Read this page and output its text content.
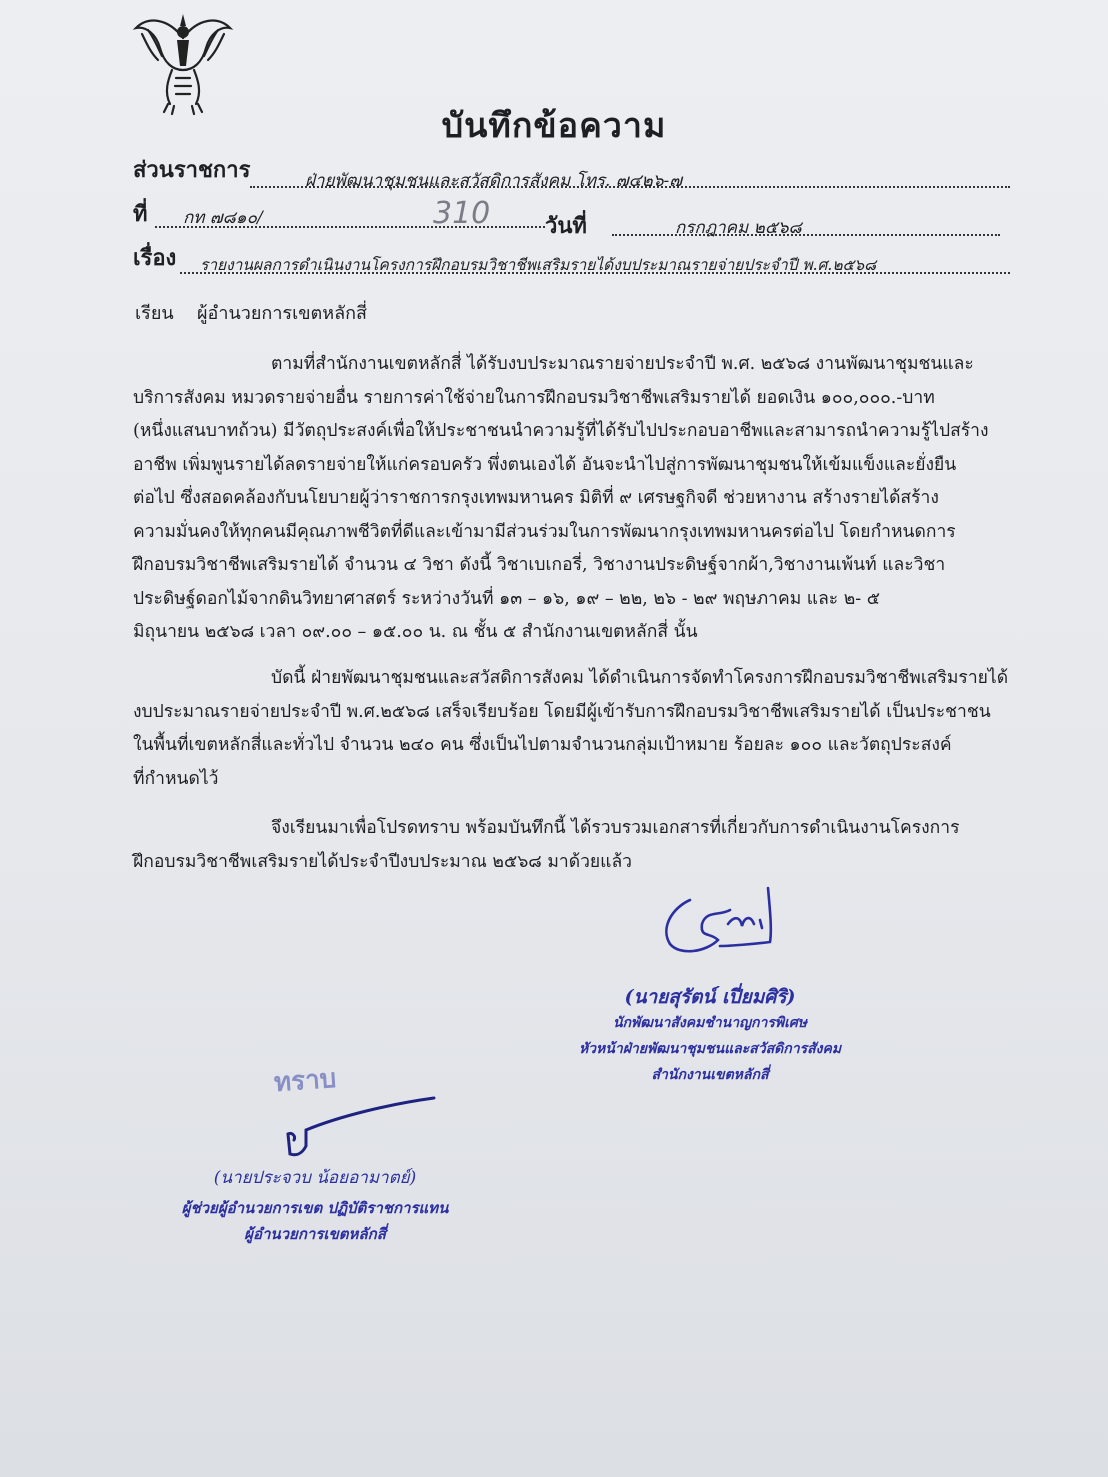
บันทึกข้อความ
ส่วนราชการ	ฝ่ายพัฒนาชุมชนและสวัสดิการสังคม โทร. ๗๔๒๖-๗
ที่ กท ๗๘๑๐/	310 วันที่	กรกฎาคม ๒๕๖๘
เรื่อง รายงานผลการดำเนินงานโครงการฝึกอบรมวิชาชีพเสริมรายได้งบประมาณรายจ่ายประจำปี พ.ศ.๒๕๖๘
เรียน ผู้อำนวยการเขตหลักสี่
ตามที่สำนักงานเขตหลักสี่ ได้รับงบประมาณรายจ่ายประจำปี พ.ศ. ๒๕๖๘ งานพัฒนาชุมชนและ
บริการสังคม หมวดรายจ่ายอื่น รายการค่าใช้จ่ายในการฝึกอบรมวิชาชีพเสริมรายได้ ยอดเงิน ๑๐๐,๐๐๐.-บาท
(หนึ่งแสนบาทถ้วน) มีวัตถุประสงค์เพื่อให้ประชาชนนำความรู้ที่ได้รับไปประกอบอาชีพและสามารถนำความรู้ไปสร้าง
อาชีพ เพิ่มพูนรายได้ลดรายจ่ายให้แก่ครอบครัว พึ่งตนเองได้ อันจะนำไปสู่การพัฒนาชุมชนให้เข้มแข็งและยั่งยืน
ต่อไป ซึ่งสอดคล้องกับนโยบายผู้ว่าราชการกรุงเทพมหานคร มิติที่ ๙ เศรษฐกิจดี ช่วยหางาน สร้างรายได้สร้าง
ความมั่นคงให้ทุกคนมีคุณภาพชีวิตที่ดีและเข้ามามีส่วนร่วมในการพัฒนากรุงเทพมหานครต่อไป โดยกำหนดการ
ฝึกอบรมวิชาชีพเสริมรายได้ จำนวน ๔ วิชา ดังนี้ วิชาเบเกอรี่, วิชางานประดิษฐ์จากผ้า,วิชางานเพ้นท์ และวิชา
ประดิษฐ์ดอกไม้จากดินวิทยาศาสตร์ ระหว่างวันที่ ๑๓ – ๑๖, ๑๙ – ๒๒, ๒๖ - ๒๙ พฤษภาคม และ ๒- ๕
มิถุนายน ๒๕๖๘ เวลา ๐๙.๐๐ – ๑๕.๐๐ น. ณ ชั้น ๕ สำนักงานเขตหลักสี่ นั้น
บัดนี้ ฝ่ายพัฒนาชุมชนและสวัสดิการสังคม ได้ดำเนินการจัดทำโครงการฝึกอบรมวิชาชีพเสริมรายได้
งบประมาณรายจ่ายประจำปี พ.ศ.๒๕๖๘ เสร็จเรียบร้อย โดยมีผู้เข้ารับการฝึกอบรมวิชาชีพเสริมรายได้ เป็นประชาชน
ในพื้นที่เขตหลักสี่และทั่วไป จำนวน ๒๔๐ คน ซึ่งเป็นไปตามจำนวนกลุ่มเป้าหมาย ร้อยละ ๑๐๐ และวัตถุประสงค์
ที่กำหนดไว้
จึงเรียนมาเพื่อโปรดทราบ พร้อมบันทึกนี้ ได้รวบรวมเอกสารที่เกี่ยวกับการดำเนินงานโครงการ
ฝึกอบรมวิชาชีพเสริมรายได้ประจำปีงบประมาณ ๒๕๖๘ มาด้วยแล้ว
(นายสุรัตน์ เปี่ยมศิริ)
นักพัฒนาสังคมชำนาญการพิเศษ
หัวหน้าฝ่ายพัฒนาชุมชนและสวัสดิการสังคม
สำนักงานเขตหลักสี่
ทราบ
(นายประจวบ น้อยอามาตย์)
ผู้ช่วยผู้อำนวยการเขต ปฏิบัติราชการแทน
ผู้อำนวยการเขตหลักสี่
